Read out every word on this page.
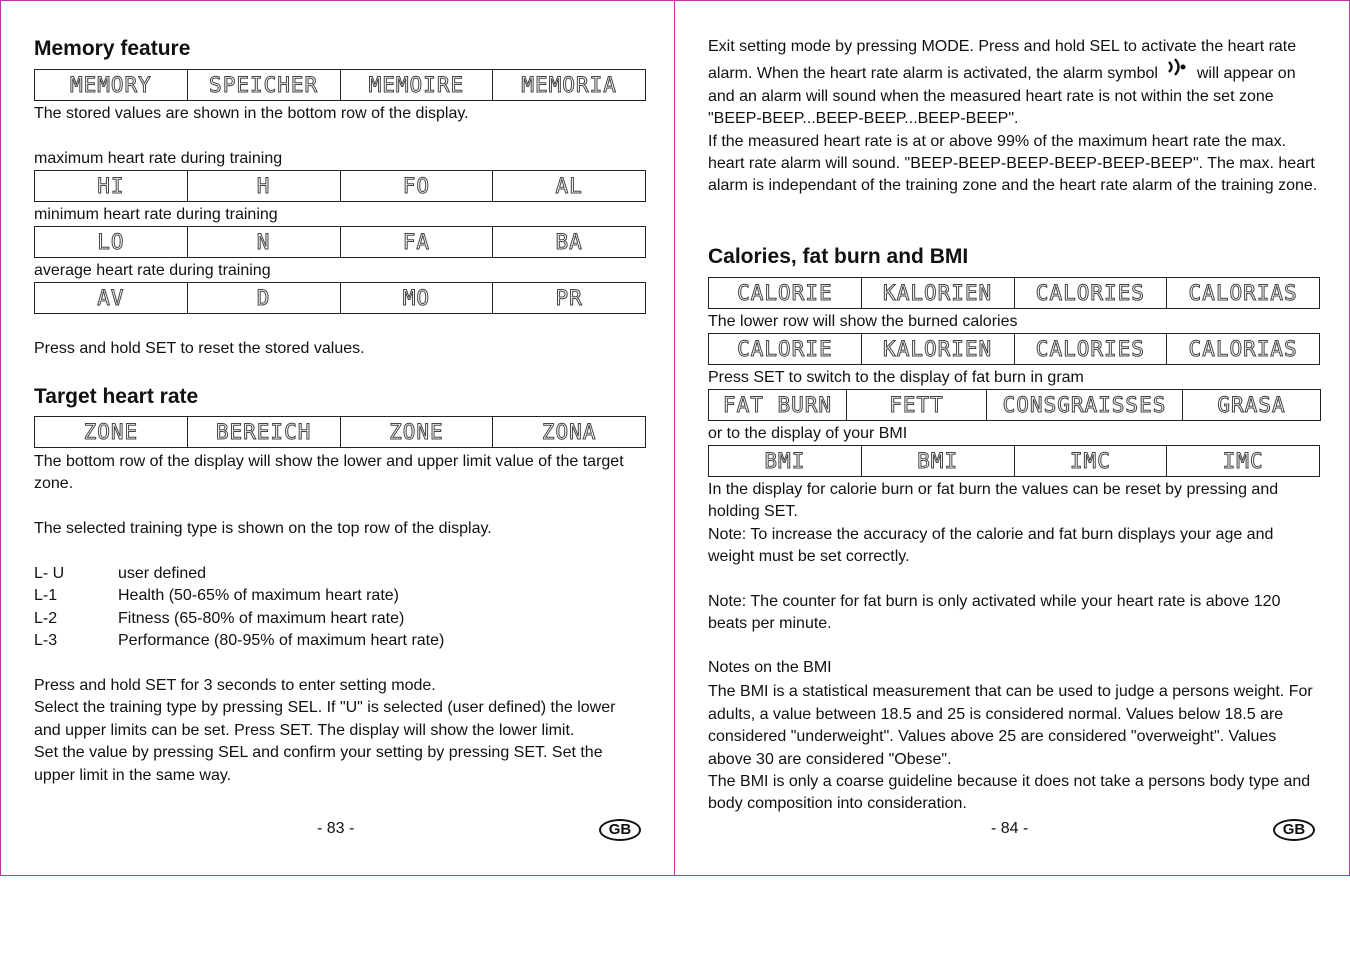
Memory feature
MEMORY	SPEICHER	MEMOIRE	MEMORIA

The stored values are shown in the bottom row of the display.

maximum heart rate during training

HI	H	FO	AL

minimum heart rate during training

LO	N	FA	BA

average heart rate during training

AV	D	MO	PR

Press and hold SET to reset the stored values.

Target heart rate
ZONE	BEREICH	ZONE	ZONA

The bottom row of the display will show the lower and upper limit value of the target zone.

The selected training type is shown on the top row of the display.

L- U	user defined
L-1	Health (50-65% of maximum heart rate)
L-2	Fitness (65-80% of maximum heart rate)
L-3	Performance (80-95% of maximum heart rate)

Press and hold SET for 3 seconds to enter setting mode.

Select the training type by pressing SEL. If "U" is selected (user defined) the lower and upper limits can be set. Press SET. The display will show the lower limit.

Set the value by pressing SEL and confirm your setting by pressing SET. Set the upper limit in the same way.

- 83 -	GB

Exit setting mode by pressing MODE. Press and hold SEL to activate the heart rate alarm. When the heart rate alarm is activated, the alarm symbol will appear on and an alarm will sound when the measured heart rate is not within the set zone "BEEP-BEEP...BEEP-BEEP...BEEP-BEEP".

If the measured heart rate is at or above 99% of the maximum heart rate the max. heart rate alarm will sound. "BEEP-BEEP-BEEP-BEEP-BEEP-BEEP". The max. heart alarm is independant of the training zone and the heart rate alarm of the training zone.

Calories, fat burn and BMI
CALORIE	KALORIEN	CALORIES	CALORIAS

The lower row will show the burned calories

CALORIE	KALORIEN	CALORIES	CALORIAS

Press SET to switch to the display of fat burn in gram

FAT BURN	FETT	CONSGRAISSES	GRASA

or to the display of your BMI

BMI	BMI	IMC	IMC

In the display for calorie burn or fat burn the values can be reset by pressing and holding SET.

Note: To increase the accuracy of the calorie and fat burn displays your age and weight must be set correctly.

Note: The counter for fat burn is only activated while your heart rate is above 120 beats per minute.

Notes on the BMI

The BMI is a statistical measurement that can be used to judge a persons weight. For adults, a value between 18.5 and 25 is considered normal. Values below 18.5 are considered "underweight". Values above 25 are considered "overweight". Values above 30 are considered "Obese".

The BMI is only a coarse guideline because it does not take a persons body type and body composition into consideration.

- 84 -	GB
